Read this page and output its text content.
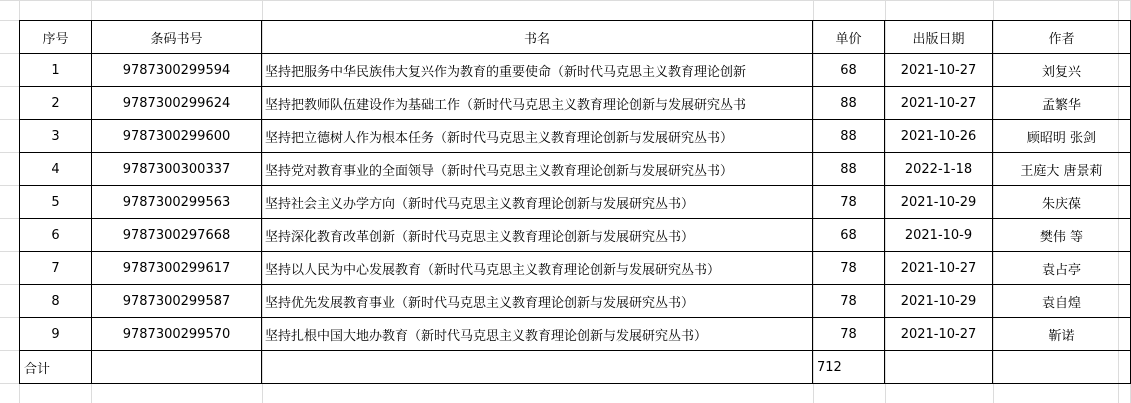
序号	条码书号	书名	单价	出版日期	作者
1	9787300299594	坚持把服务中华民族伟大复兴作为教育的重要使命（新时代马克思主义教育理论创新	68	2021-10-27	刘复兴
2	9787300299624	坚持把教师队伍建设作为基础工作（新时代马克思主义教育理论创新与发展研究丛书	88	2021-10-27	孟繁华
3	9787300299600	坚持把立德树人作为根本任务（新时代马克思主义教育理论创新与发展研究丛书）	88	2021-10-26	顾昭明 张剑
4	9787300300337	坚持党对教育事业的全面领导（新时代马克思主义教育理论创新与发展研究丛书）	88	2022-1-18	王庭大 唐景莉
5	9787300299563	坚持社会主义办学方向（新时代马克思主义教育理论创新与发展研究丛书）	78	2021-10-29	朱庆葆
6	9787300297668	坚持深化教育改革创新（新时代马克思主义教育理论创新与发展研究丛书）	68	2021-10-9	樊伟 等
7	9787300299617	坚持以人民为中心发展教育（新时代马克思主义教育理论创新与发展研究丛书）	78	2021-10-27	袁占亭
8	9787300299587	坚持优先发展教育事业（新时代马克思主义教育理论创新与发展研究丛书）	78	2021-10-29	袁自煌
9	9787300299570	坚持扎根中国大地办教育（新时代马克思主义教育理论创新与发展研究丛书）	78	2021-10-27	靳诺
合计			712		
